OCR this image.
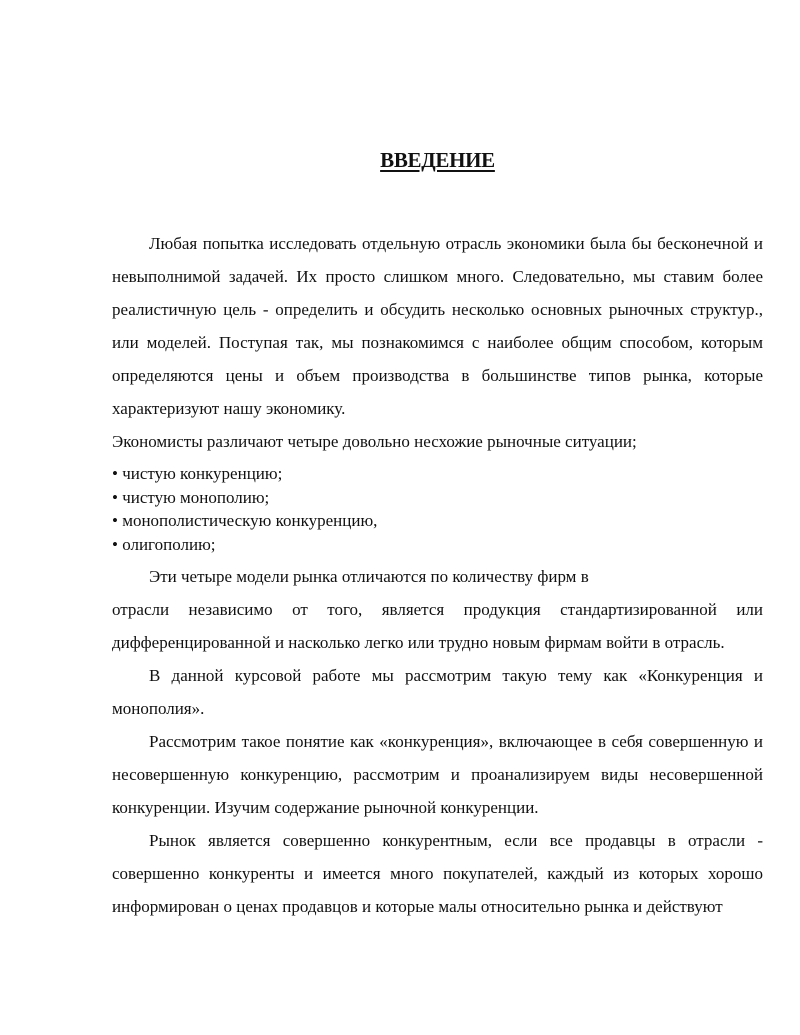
ВВЕДЕНИЕ

Любая попытка исследовать отдельную отрасль экономики была бы бесконечной и невыполнимой задачей. Их просто слишком много. Следовательно, мы ставим более реалистичную цель - определить и обсудить несколько основных рыночных структур., или моделей. Поступая так, мы познакомимся с наиболее общим способом, которым определяются цены и объем производства в большинстве типов рынка, которые характеризуют нашу экономику.

Экономисты различают четыре довольно несхожие рыночные ситуации;

• чистую конкуренцию;
• чистую монополию;
• монополистическую конкуренцию,
• олигополию;

Эти четыре модели рынка отличаются по количеству фирм в

отрасли независимо от того, является продукция стандартизированной или дифференцированной и насколько легко или трудно новым фирмам войти в отрасль.

В данной курсовой работе мы рассмотрим такую тему как «Конкуренция и монополия».

Рассмотрим такое понятие как «конкуренция», включающее в себя совершенную и несовершенную конкуренцию, рассмотрим и проанализируем виды несовершенной конкуренции. Изучим содержание рыночной конкуренции.

Рынок является совершенно конкурентным, если все продавцы в отрасли - совершенно конкуренты и имеется много покупателей, каждый из которых хорошо информирован о ценах продавцов и которые малы относительно рынка и действуют
